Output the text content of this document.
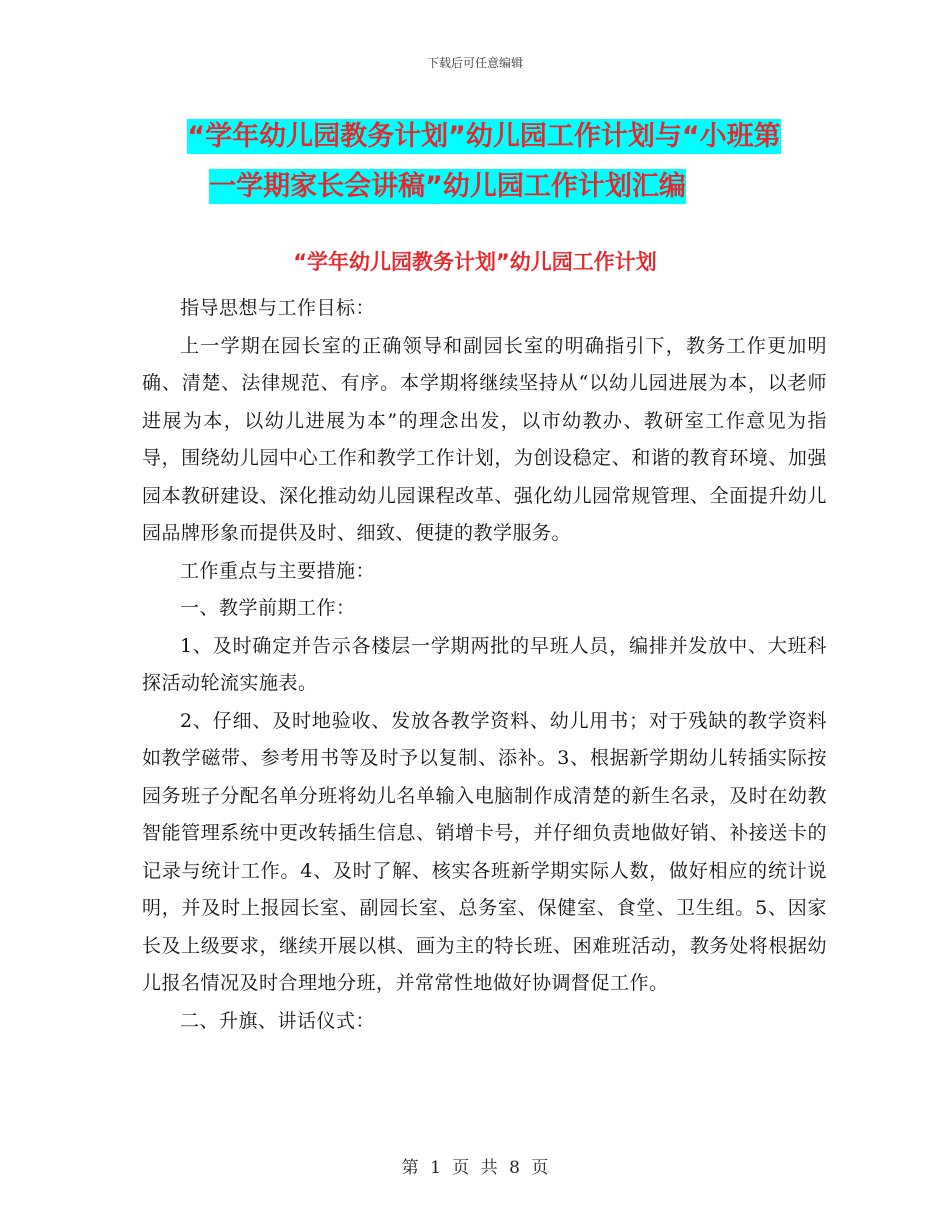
下载后可任意编辑
“学年幼儿园教务计划”幼儿园工作计划与“小班第
一学期家长会讲稿”幼儿园工作计划汇编
“学年幼儿园教务计划”幼儿园工作计划

指导思想与工作目标：

上一学期在园长室的正确领导和副园长室的明确指引下，教务工作更加明确、清楚、法律规范、有序。本学期将继续坚持从“以幼儿园进展为本，以老师进展为本，以幼儿进展为本”的理念出发，以市幼教办、教研室工作意见为指导，围绕幼儿园中心工作和教学工作计划，为创设稳定、和谐的教育环境、加强园本教研建设、深化推动幼儿园课程改革、强化幼儿园常规管理、全面提升幼儿园品牌形象而提供及时、细致、便捷的教学服务。

工作重点与主要措施：

一、教学前期工作：

1、及时确定并告示各楼层一学期两批的早班人员，编排并发放中、大班科探活动轮流实施表。

2、仔细、及时地验收、发放各教学资料、幼儿用书；对于残缺的教学资料如教学磁带、参考用书等及时予以复制、添补。3、根据新学期幼儿转插实际按园务班子分配名单分班将幼儿名单输入电脑制作成清楚的新生名录，及时在幼教智能管理系统中更改转插生信息、销增卡号，并仔细负责地做好销、补接送卡的记录与统计工作。4、及时了解、核实各班新学期实际人数，做好相应的统计说明，并及时上报园长室、副园长室、总务室、保健室、食堂、卫生组。5、因家长及上级要求，继续开展以棋、画为主的特长班、困难班活动，教务处将根据幼儿报名情况及时合理地分班，并常常性地做好协调督促工作。

二、升旗、讲话仪式：

第 1 页 共 8 页
